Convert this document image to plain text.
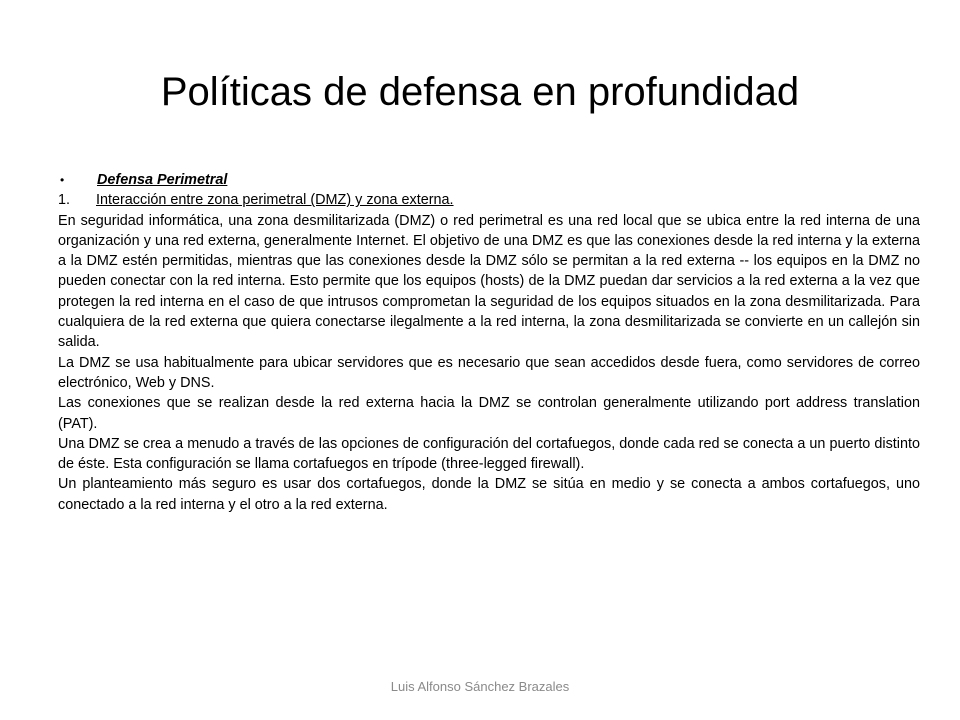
Políticas de defensa en profundidad
•	Defensa Perimetral
1.	Interacción entre zona perimetral (DMZ) y zona externa.

En seguridad informática, una zona desmilitarizada (DMZ) o red perimetral es una red local que se ubica entre la red interna de una organización y una red externa, generalmente Internet. El objetivo de una DMZ es que las conexiones desde la red interna y la externa a la DMZ estén permitidas, mientras que las conexiones desde la DMZ sólo se permitan a la red externa -- los equipos en la DMZ no pueden conectar con la red interna. Esto permite que los equipos (hosts) de la DMZ puedan dar servicios a la red externa a la vez que protegen la red interna en el caso de que intrusos comprometan la seguridad de los equipos situados en la zona desmilitarizada. Para cualquiera de la red externa que quiera conectarse ilegalmente a la red interna, la zona desmilitarizada se convierte en un callejón sin salida.

La DMZ se usa habitualmente para ubicar servidores que es necesario que sean accedidos desde fuera, como servidores de correo electrónico, Web y DNS.

Las conexiones que se realizan desde la red externa hacia la DMZ se controlan generalmente utilizando port address translation (PAT).

Una DMZ se crea a menudo a través de las opciones de configuración del cortafuegos, donde cada red se conecta a un puerto distinto de éste. Esta configuración se llama cortafuegos en trípode (three-legged firewall).

Un planteamiento más seguro es usar dos cortafuegos, donde la DMZ se sitúa en medio y se conecta a ambos cortafuegos, uno conectado a la red interna y el otro a la red externa.

Luis Alfonso Sánchez Brazales
